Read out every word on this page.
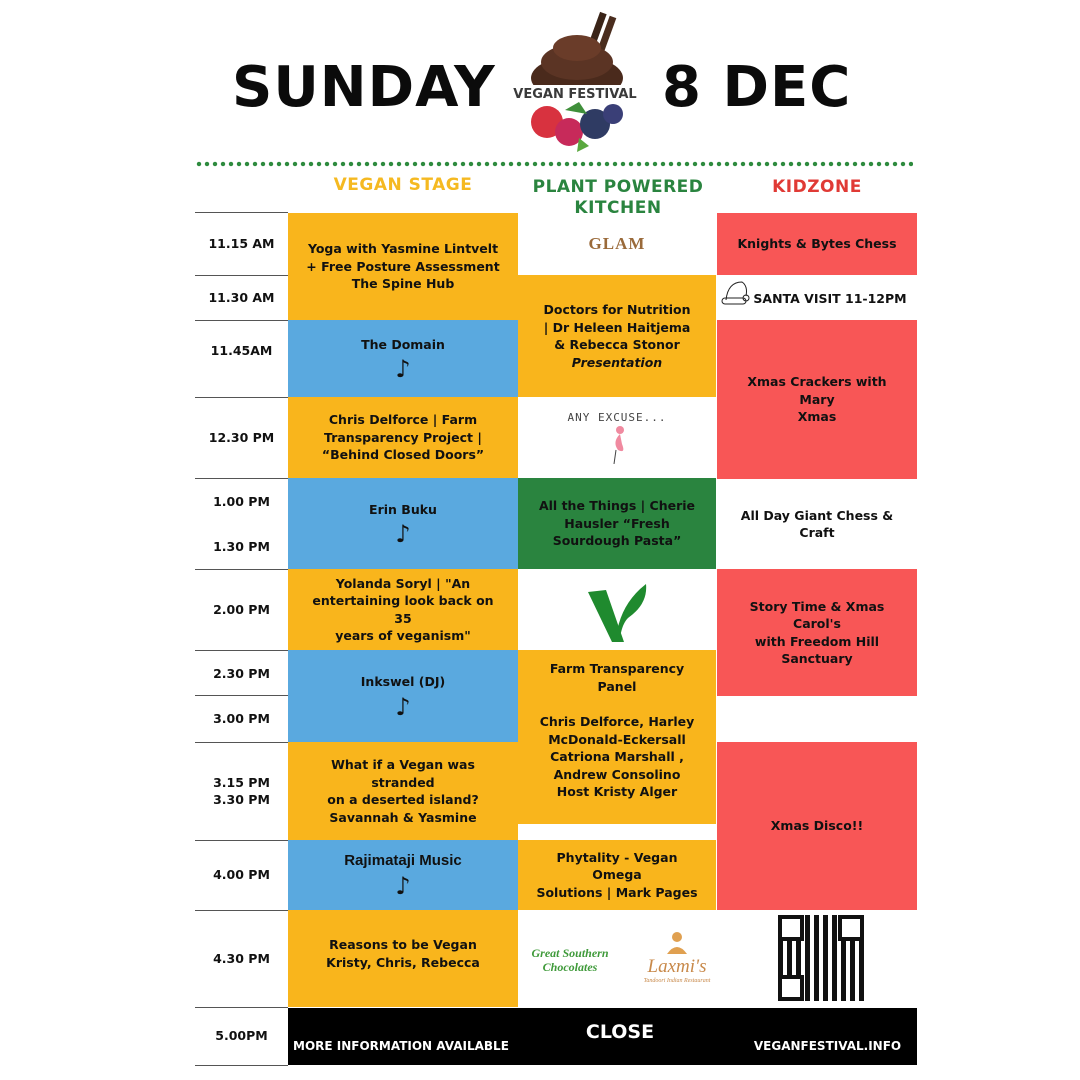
SUNDAY VEGAN FESTIVAL 8 DEC
VEGAN STAGE	PLANT POWERED
KITCHEN
KIDZONE
11.15 AM
11.30 AM
11.45AM
12.30 PM
1.00 PM
1.30 PM
2.00 PM
2.30 PM
3.00 PM
3.15 PM
3.30 PM
4.00 PM
4.30 PM
5.00PM
Yoga with Yasmine Lintvelt
+ Free Posture Assessment
The Spine Hub
The Domain
♪
Chris Delforce | Farm
Transparency Project |
“Behind Closed Doors”
Erin Buku
♪
Yolanda Soryl | "An
entertaining look back on 35
years of veganism"
Inkswel (DJ)
♪
What if a Vegan was stranded
on a deserted island?
Savannah & Yasmine
Rajimataji Music
♪
Reasons to be Vegan
Kristy, Chris, Rebecca
GLAM
Doctors for Nutrition
| Dr Heleen Haitjema
& Rebecca Stonor
Presentation
ANY EXCUSE...
All the Things | Cherie
Hausler “Fresh
Sourdough Pasta”
Farm Transparency Panel
Chris Delforce, Harley
McDonald-Eckersall
Catriona Marshall ,
Andrew Consolino
Host Kristy Alger
Phytality - Vegan Omega
Solutions | Mark Pages
Great Southern Chocolates	Laxmi's
Tandoori Indian Restaurant
Knights & Bytes Chess
SANTA VISIT 11-12PM
Xmas Crackers with Mary
Xmas
All Day Giant Chess &
Craft
Story Time & Xmas Carol's
with Freedom Hill
Sanctuary
Xmas Disco!!
MORE INFORMATION AVAILABLE
CLOSE
VEGANFESTIVAL.INFO
